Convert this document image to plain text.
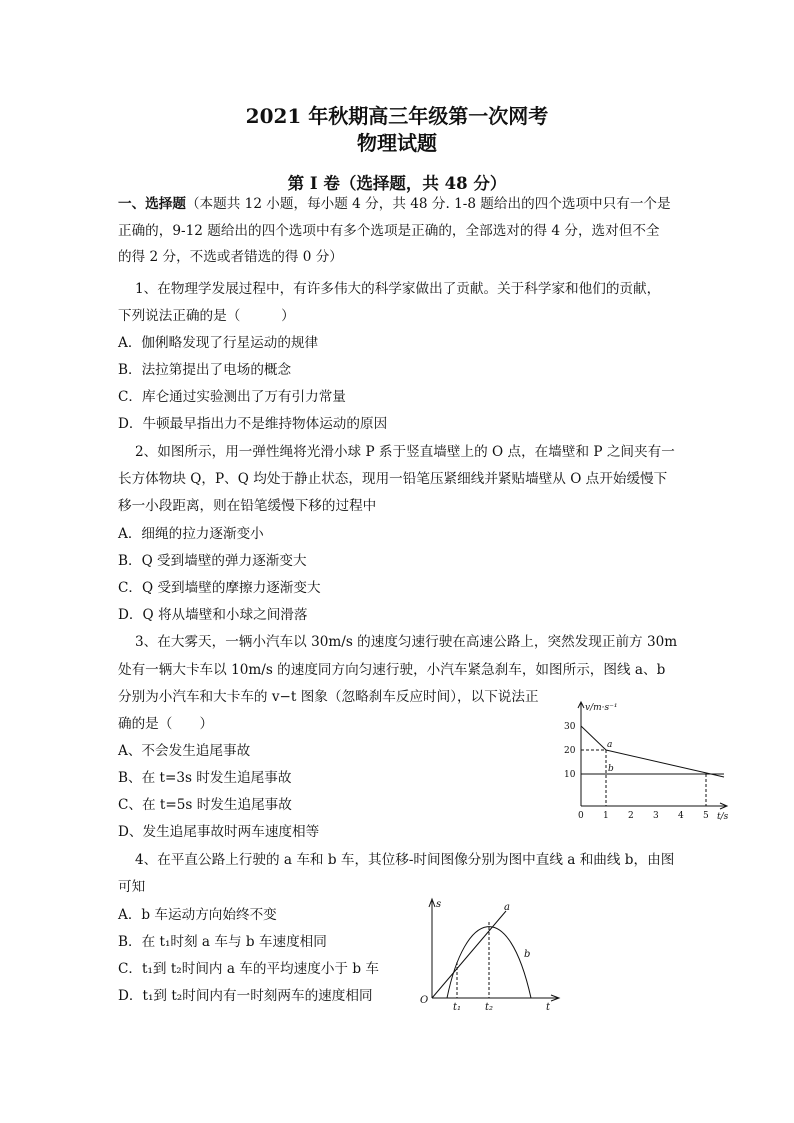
2021 年秋期高三年级第一次网考
物理试题
第 I 卷（选择题，共 48 分）
一、选择题（本题共 12 小题，每小题 4 分，共 48 分. 1-8 题给出的四个选项中只有一个是
正确的，9-12 题给出的四个选项中有多个选项是正确的，全部选对的得 4 分，选对但不全
的得 2 分，不选或者错选的得 0 分）
1、在物理学发展过程中，有许多伟大的科学家做出了贡献。关于科学家和他们的贡献，
下列说法正确的是（　　　）
A．伽俐略发现了行星运动的规律
B．法拉第提出了电场的概念
C．库仑通过实验测出了万有引力常量
D．牛顿最早指出力不是维持物体运动的原因
2、如图所示，用一弹性绳将光滑小球 P 系于竖直墙壁上的 O 点，在墙壁和 P 之间夹有一
长方体物块 Q，P、Q 均处于静止状态，现用一铅笔压紧细线并紧贴墙壁从 O 点开始缓慢下
移一小段距离，则在铅笔缓慢下移的过程中
A．细绳的拉力逐渐变小
B．Q 受到墙壁的弹力逐渐变大
C．Q 受到墙壁的摩擦力逐渐变大
D．Q 将从墙壁和小球之间滑落
3、在大雾天，一辆小汽车以 30m/s 的速度匀速行驶在高速公路上，突然发现正前方 30m
处有一辆大卡车以 10m/s 的速度同方向匀速行驶，小汽车紧急刹车，如图所示，图线 a、b
分别为小汽车和大卡车的 v−t 图象（忽略刹车反应时间），以下说法正
确的是（　　）
A、不会发生追尾事故
B、在 t=3s 时发生追尾事故
C、在 t=5s 时发生追尾事故
D、发生追尾事故时两车速度相等
v/m·s⁻¹
30
20
10
0 1 2 3 4 5 t/s
a
b
4、在平直公路上行驶的 a 车和 b 车，其位移-时间图像分别为图中直线 a 和曲线 b，由图
可知
A．b 车运动方向始终不变
B．在 t₁时刻 a 车与 b 车速度相同
C．t₁到 t₂时间内 a 车的平均速度小于 b 车
D．t₁到 t₂时间内有一时刻两车的速度相同
s
O
t₁ t₂	t
a
b
